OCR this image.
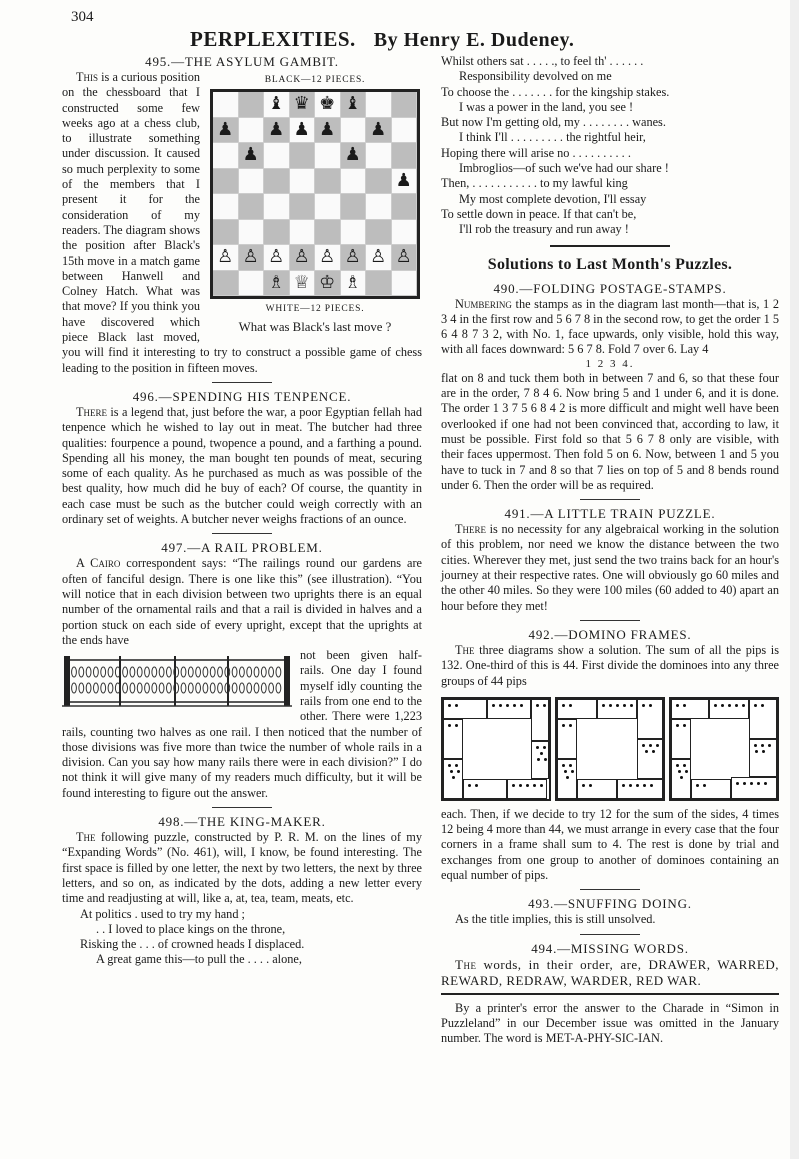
304
PERPLEXITIES. By Henry E. Dudeney.
495.—THE ASYLUM GAMBIT.
BLACK—12 PIECES.
♝ ♛ ♚ ♝
♟ ♟ ♟ ♟ ♟
♟	♟
♟
♙ ♙ ♙ ♙ ♙ ♙ ♙ ♙
♗ ♕ ♔ ♗
WHITE—12 PIECES.
What was Black's last move ?

This is a curious position on the chessboard that I constructed some few weeks ago at a chess club, to illustrate something under discussion. It caused so much perplexity to some of the members that I present it for the consideration of my readers. The diagram shows the position after Black's 15th move in a match game between Hanwell and Colney Hatch. What was that move? If you think you have discovered which piece Black last moved, you will find it interesting to try to construct a possible game of chess leading to the position in fifteen moves.

496.—SPENDING HIS TENPENCE.

There is a legend that, just before the war, a poor Egyptian fellah had tenpence which he wished to lay out in meat. The butcher had three qualities: fourpence a pound, twopence a pound, and a farthing a pound. Spending all his money, the man bought ten pounds of meat, securing some of each quality. As he purchased as much as was possible of the best quality, how much did he buy of each? Of course, the quantity in each case must be such as the butcher could weigh correctly with an ordinary set of weights. A butcher never weighs fractions of an ounce.

497.—A RAIL PROBLEM.

A Cairo correspondent says: “The railings round our gardens are often of fanciful design. There is one like this” (see illustration). “You will notice that in each division between two uprights there is an equal number of the ornamental rails and that a rail is divided in halves and a portion stuck on each side of every upright, except that the uprights at the ends have

not been given half-rails. One day I found myself idly counting the rails from one end to the other. There were 1,223 rails, counting two halves as one rail. I then noticed that the number of those divisions was five more than twice the number of whole rails in a division. Can you say how many rails there were in each division?” I do not think it will give many of my readers much difficulty, but it will be found interesting to figure out the answer.

498.—THE KING-MAKER.

The following puzzle, constructed by P. R. M. on the lines of my “Expanding Words” (No. 461), will, I know, be found interesting. The first space is filled by one letter, the next by two letters, the next by three letters, and so on, as indicated by the dots, adding a new letter every time and readjusting at will, like a, at, tea, team, meats, etc.

At politics . used to try my hand ;
. . I loved to place kings on the throne,
Risking the . . . of crowned heads I displaced.
A great game this—to pull the . . . . alone,
Whilst others sat . . . . ., to feel th' . . . . . .
Responsibility devolved on me
To choose the . . . . . . . for the kingship stakes.
I was a power in the land, you see !
But now I'm getting old, my . . . . . . . . wanes.
I think I'll . . . . . . . . . the rightful heir,
Hoping there will arise no . . . . . . . . . .
Imbroglios—of such we've had our share !
Then, . . . . . . . . . . . to my lawful king
My most complete devotion, I'll essay
To settle down in peace. If that can't be,
I'll rob the treasury and run away !
Solutions to Last Month's Puzzles.
490.—FOLDING POSTAGE-STAMPS.

Numbering the stamps as in the diagram last month—that is, 1 2 3 4 in the first row and 5 6 7 8 in the second row, to get the order 1 5 6 4 8 7 3 2, with No. 1, face upwards, only visible, hold this way, with all faces downward: 5 6 7 8. Fold 7 over 6. Lay 4

1 2 3 4.

flat on 8 and tuck them both in between 7 and 6, so that these four are in the order, 7 8 4 6. Now bring 5 and 1 under 6, and it is done. The order 1 3 7 5 6 8 4 2 is more difficult and might well have been overlooked if one had not been convinced that, according to law, it must be possible. First fold so that 5 6 7 8 only are visible, with their faces uppermost. Then fold 5 on 6. Now, between 1 and 5 you have to tuck in 7 and 8 so that 7 lies on top of 5 and 8 bends round under 6. Then the order will be as required.

491.—A LITTLE TRAIN PUZZLE.

There is no necessity for any algebraical working in the solution of this problem, nor need we know the distance between the two cities. Wherever they met, just send the two trains back for an hour's journey at their respective rates. One will obviously go 60 miles and the other 40 miles. So they were 100 miles (60 added to 40) apart an hour before they met!

492.—DOMINO FRAMES.

The three diagrams show a solution. The sum of all the pips is 132. One-third of this is 44. First divide the dominoes into any three groups of 44 pips

each. Then, if we decide to try 12 for the sum of the sides, 4 times 12 being 4 more than 44, we must arrange in every case that the four corners in a frame shall sum to 4. The rest is done by trial and exchanges from one group to another of dominoes containing an equal number of pips.

493.—SNUFFING DOING.

As the title implies, this is still unsolved.

494.—MISSING WORDS.

The words, in their order, are, DRAWER, WARRED, REWARD, REDRAW, WARDER, RED WAR.

By a printer's error the answer to the Charade in “Simon in Puzzleland” in our December issue was omitted in the January number. The word is MET-A-PHY-SIC-IAN.
